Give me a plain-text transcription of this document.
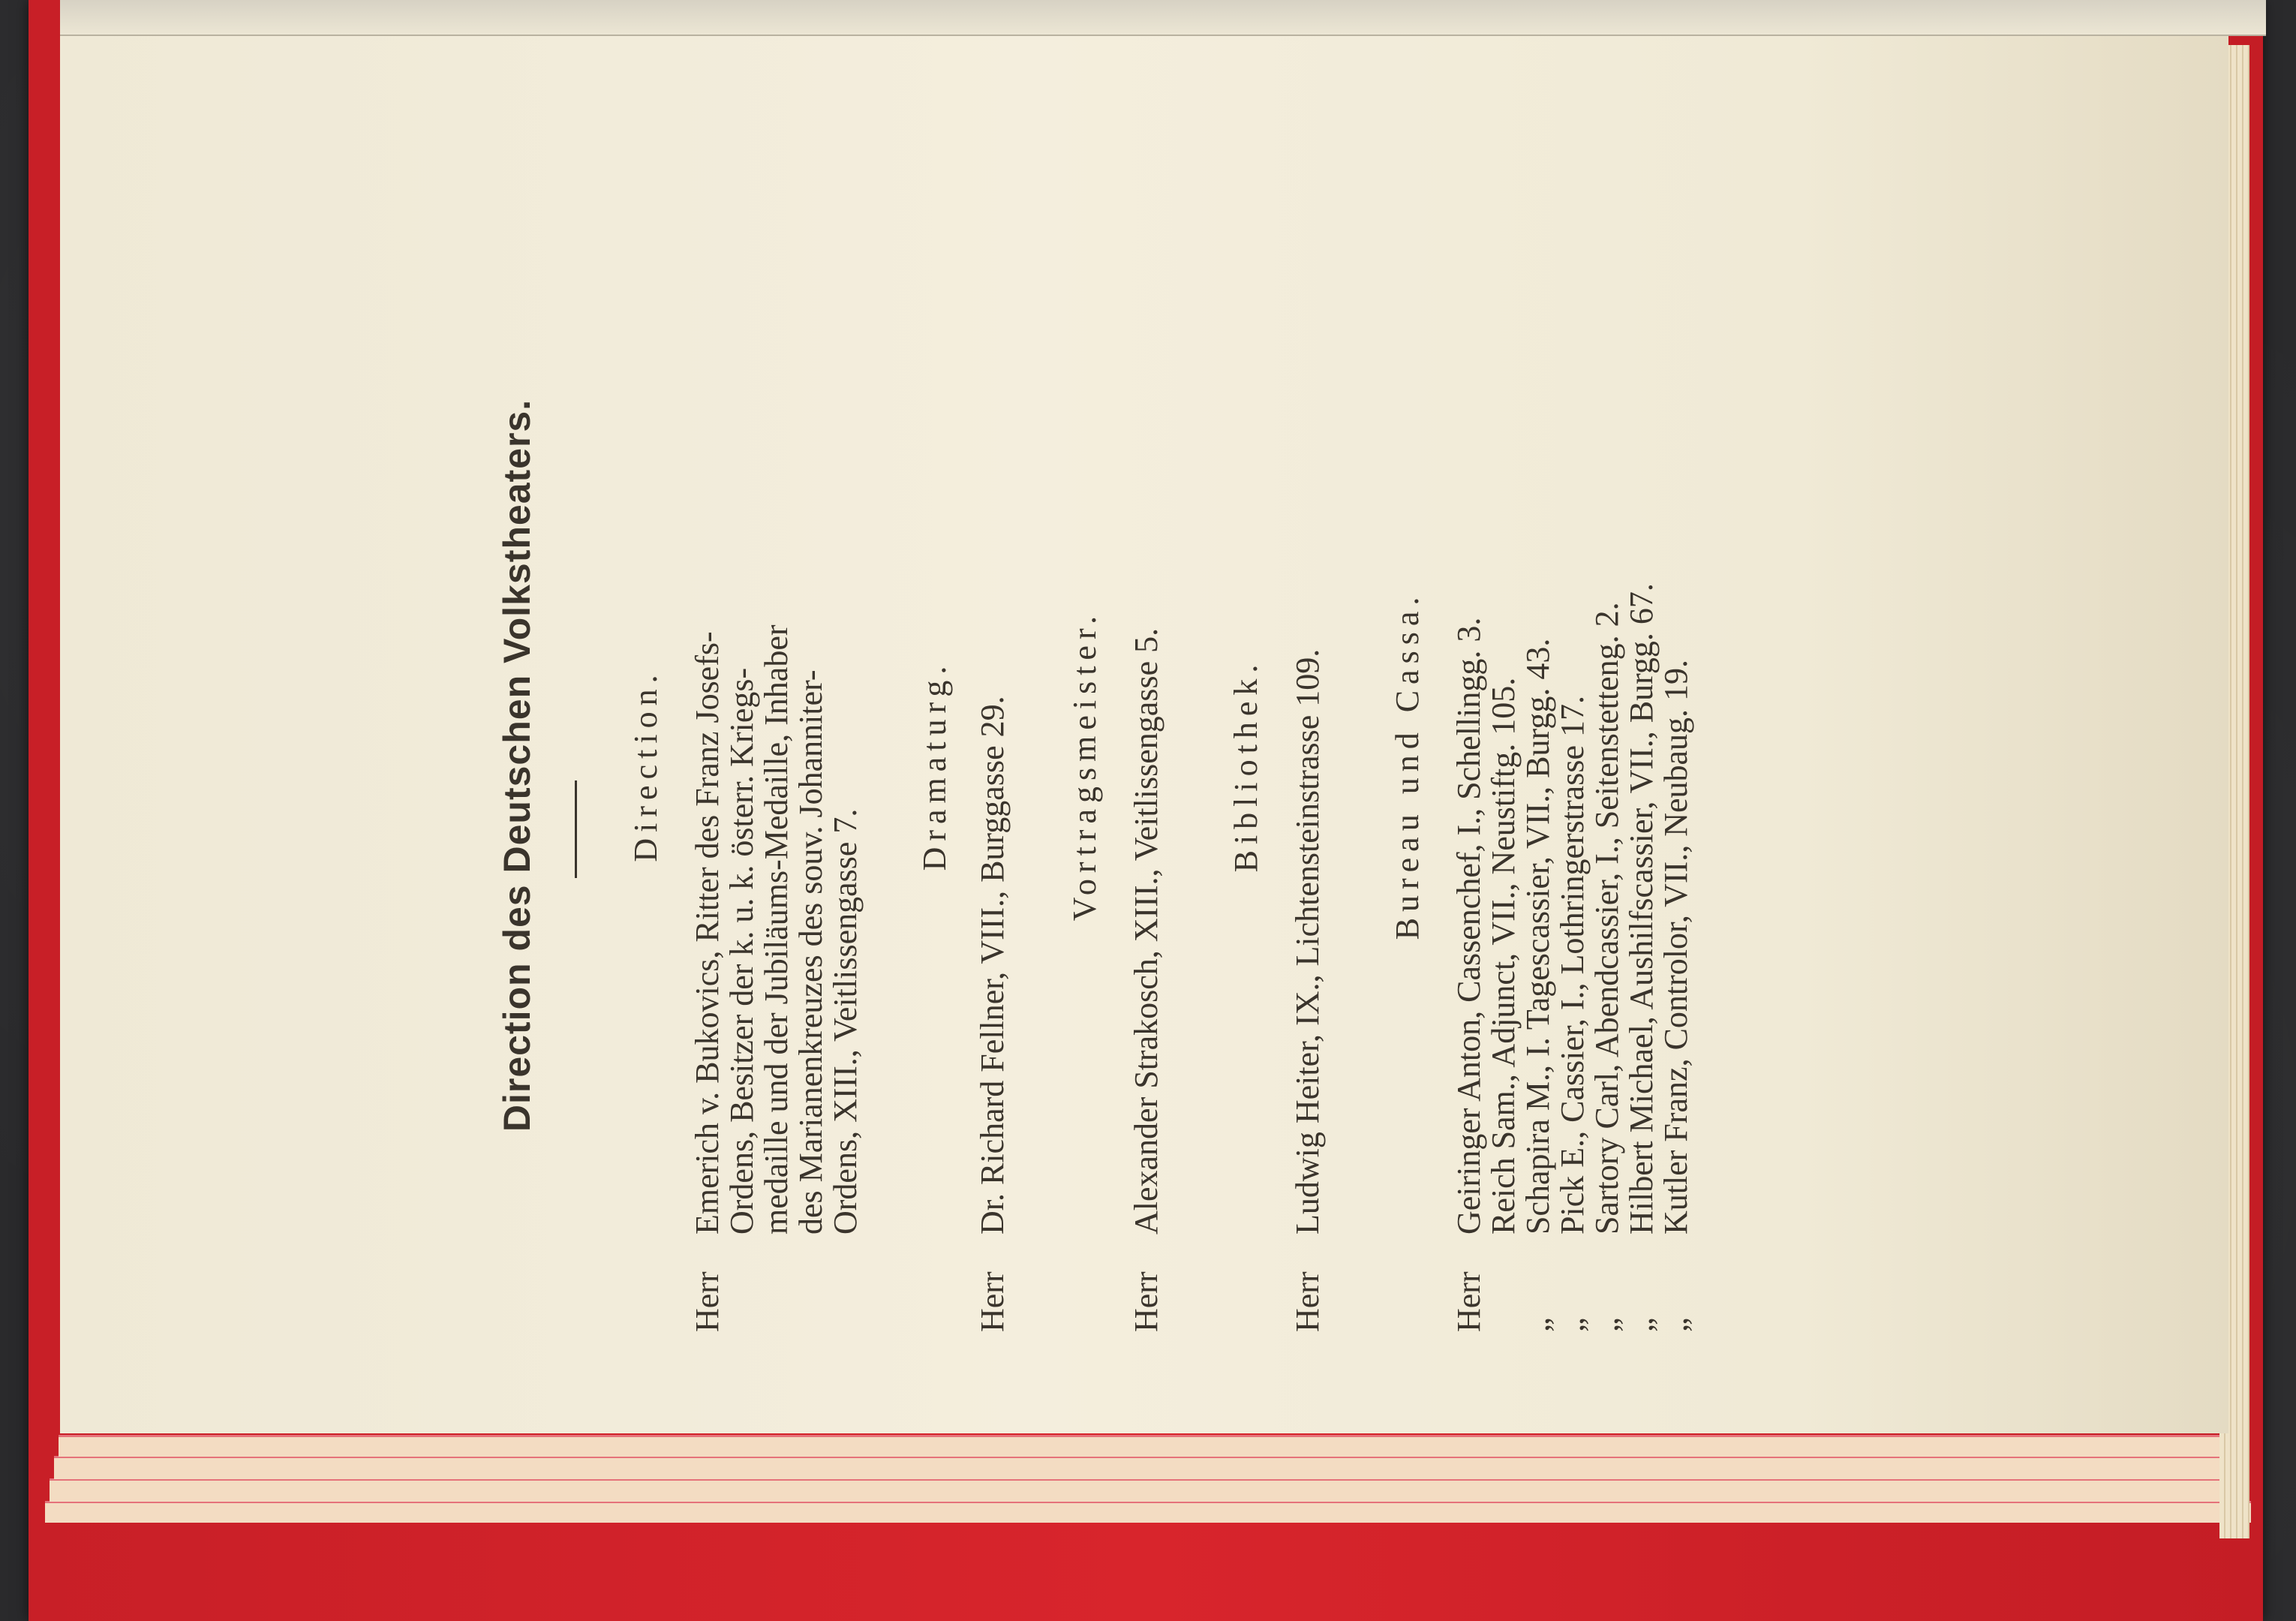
Direction des Deutschen Volkstheaters.	Direction.
Herr
Emerich v. Bukovics, Ritter des Franz Josefs-
Ordens, Besitzer der k. u. k. österr. Kriegs-
medaille und der Jubiläums-Medaille, Inhaber
des Marianenkreuzes des souv. Johanniter-
Ordens, XIII., Veitlissengasse 7.
Dramaturg.
Herr
Dr. Richard Fellner, VIII., Burggasse 29. Vortragsmeister.
Herr
Alexander Strakosch, XIII., Veitlissengasse 5. Bibliothek.
Herr
Ludwig Heiter, IX., Lichtensteinstrasse 109. Bureau und Cassa.
Herr
Geiringer Anton, Cassenchef, I., Schellingg. 3.
Reich Sam., Adjunct, VII., Neustiftg. 105.
„
Schapira M., I. Tagescassier, VII., Burgg. 43.
„
Pick E., Cassier, I., Lothringerstrasse 17.
„
Sartory Carl, Abendcassier, I., Seitenstetteng. 2.
„
Hilbert Michael, Aushilfscassier, VII., Burgg. 67.
„
Kutler Franz, Controlor, VII., Neubaug. 19.
